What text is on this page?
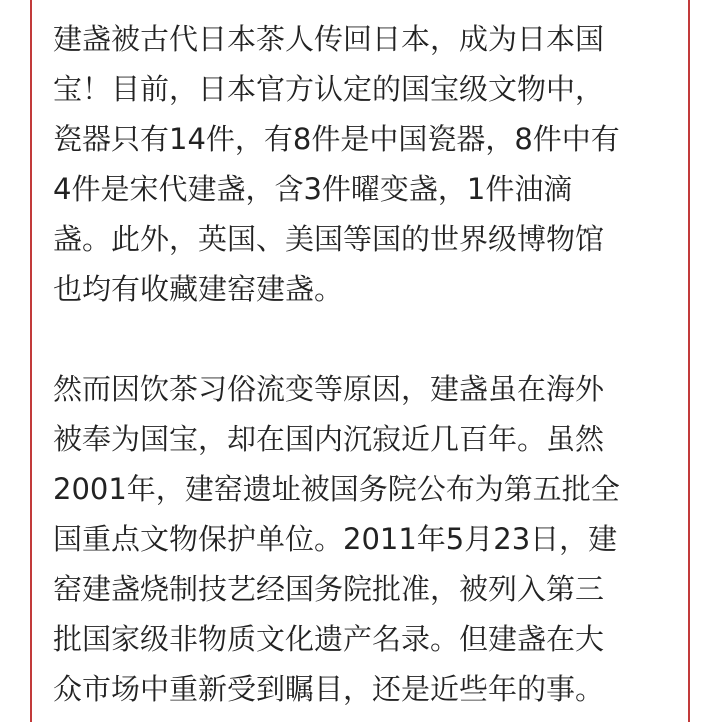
建盏被古代日本茶人传回日本，成为日本国
宝！目前，日本官方认定的国宝级文物中，
瓷器只有14件，有8件是中国瓷器，8件中有
4件是宋代建盏，含3件曜变盏，1件油滴
盏。此外，英国、美国等国的世界级博物馆
也均有收藏建窑建盏。
然而因饮茶习俗流变等原因，建盏虽在海外
被奉为国宝，却在国内沉寂近几百年。虽然
2001年，建窑遗址被国务院公布为第五批全
国重点文物保护单位。2011年5月23日，建
窑建盏烧制技艺经国务院批准，被列入第三
批国家级非物质文化遗产名录。但建盏在大
众市场中重新受到瞩目，还是近些年的事。
